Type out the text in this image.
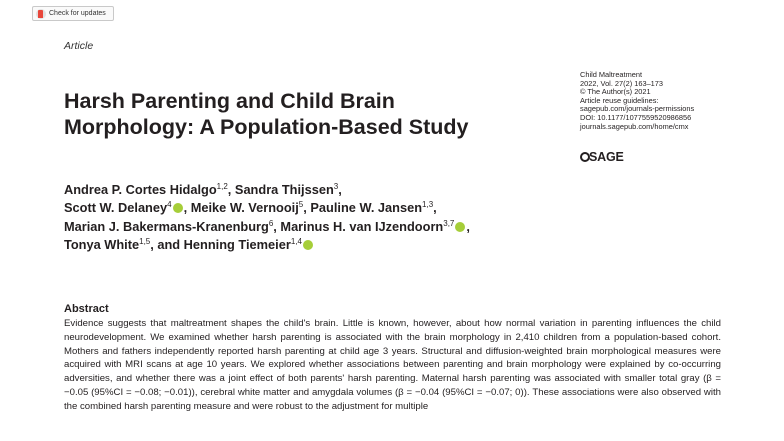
Check for updates
Article
Child Maltreatment
2022, Vol. 27(2) 163–173
© The Author(s) 2021
Article reuse guidelines:
sagepub.com/journals-permissions
DOI: 10.1177/1077559520986856
journals.sagepub.com/home/cmx
SAGE
Harsh Parenting and Child Brain
Morphology: A Population-Based Study
Andrea P. Cortes Hidalgo$^{1,2}$, Sandra Thijssen$^3$,
Scott W. Delaney$^4$ , Meike W. Vernooij$^5$, Pauline W. Jansen$^{1,3}$,
Marian J. Bakermans-Kranenburg$^6$, Marinus H. van IJzendoorn$^{3,7}$ ,
Tonya White$^{1,5}$, and Henning Tiemeier$^{1,4}$
Abstract
Evidence suggests that maltreatment shapes the child's brain. Little is known, however, about how normal variation in parenting influences the child neurodevelopment. We examined whether harsh parenting is associated with the brain morphology in 2,410 children from a population-based cohort. Mothers and fathers independently reported harsh parenting at child age 3 years. Structural and diffusion-weighted brain morphological measures were acquired with MRI scans at age 10 years. We explored whether associations between parenting and brain morphology were explained by co-occurring adversities, and whether there was a joint effect of both parents' harsh parenting. Maternal harsh parenting was associated with smaller total gray (β = −0.05 (95%CI = −0.08; −0.01)), cerebral white matter and amygdala volumes (β = −0.04 (95%CI = −0.07; 0)). These associations were also observed with the combined harsh parenting measure and were robust to the adjustment for multiple
